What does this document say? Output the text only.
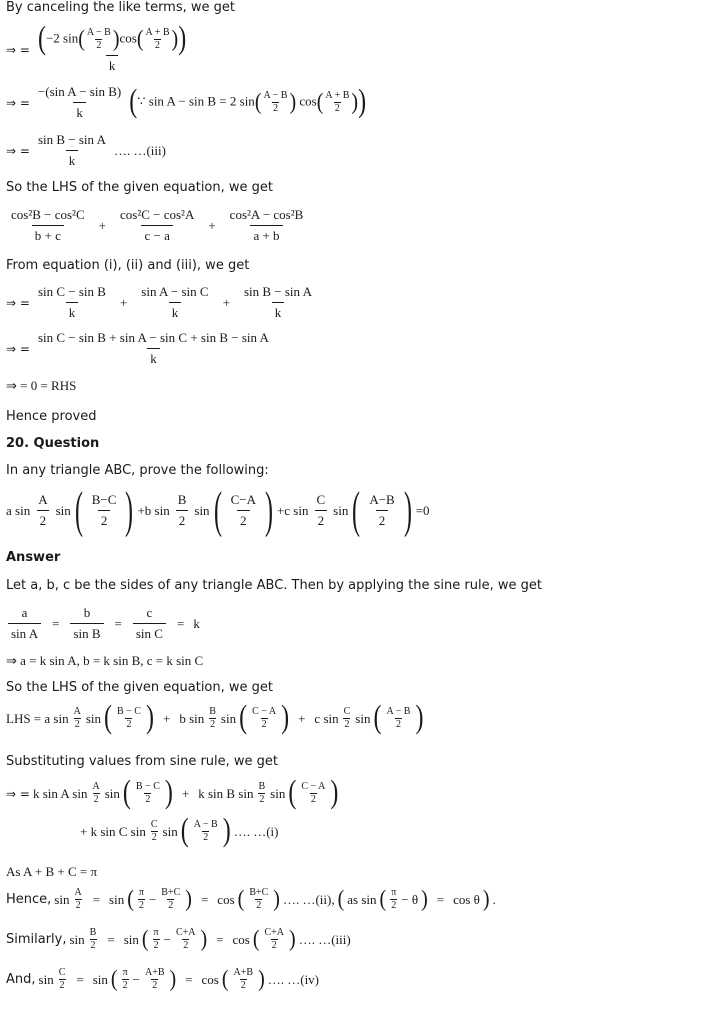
By canceling the like terms, we get
⇒ = $\frac{(-2 \sin( \frac{A - B}{2} )\cos( \frac{A + B}{2} ))}{k}$
⇒ = $\frac{\text{−(sin A − sin B)}}{k}$ (∵ sin A − sin B = 2 $\sin( \frac{A - B}{2}$ ) $\cos( \frac{A + B}{2}$ ))
⇒ = $\frac{\text{sin B − sin A}}{k}$ …. …(iii)
So the LHS of the given equation, we get
$\frac{\text{cos²B − cos²C}}{b + c} + \frac{\text{cos²C − cos²A}}{c - a} + \frac{\text{cos²A − cos²B}}{a + b}$
From equation (i), (ii) and (iii), we get
⇒ = $\frac{\text{sin C − sin B}}{k} + \frac{\text{sin A − sin C}}{k} + \frac{\text{sin B − sin A}}{k}$
⇒ = $\frac{\text{sin C − sin B + sin A − sin C + sin B − sin A}}{k}$
⇒ = 0 = RHS
Hence proved
20. Question
In any triangle ABC, prove the following:
a $\sin \frac{A}{2}$ sin ( $\frac{B-C}{2}$ ) +b $\sin \frac{B}{2}$ sin ( $\frac{C-A}{2}$ ) +c $\sin \frac{C}{2}$ sin ( $\frac{A-B}{2}$ ) =0
Answer
Let a, b, c be the sides of any triangle ABC. Then by applying the sine rule, we get
$\frac{a}{\text{sin A}} = \frac{b}{\text{sin B}} = \frac{c}{\text{sin C}} = k$
⇒ a = k sin A, b = k sin B, c = k sin C
So the LHS of the given equation, we get
LHS = a $\sin \frac{A}{2}$ sin ( $\frac{B - C}{2}$ ) + b $\sin \frac{B}{2}$ sin ( $\frac{C - A}{2}$ ) + c $\sin \frac{C}{2}$ sin ( $\frac{A - B}{2}$ )
Substituting values from sine rule, we get
⇒ = k sin A $\sin \frac{A}{2}$ sin ( $\frac{B - C}{2}$ ) + k sin B $\sin \frac{B}{2}$ sin ( $\frac{C - A}{2}$ )
+ k sin C $\sin \frac{C}{2}$ sin ( $\frac{A - B}{2}$ ) …. …(i)
As A + B + C = π
Hence, $\sin \frac{A}{2} = \sin$ ( $\frac{\pi}{2} - \frac{B+C}{2}$ ) = cos ( $\frac{B+C}{2}$ ) …. …(ii), ( as sin ( $\frac{\pi}{2} - \theta$ ) = cos θ ) .
Similarly, $\sin \frac{B}{2} = \sin$ ( $\frac{\pi}{2} - \frac{C+A}{2}$ ) = cos ( $\frac{C+A}{2}$ ) …. …(iii)
And, $\sin \frac{C}{2} = \sin$ ( $\frac{\pi}{2} - \frac{A+B}{2}$ ) = cos ( $\frac{A+B}{2}$ ) …. …(iv)
